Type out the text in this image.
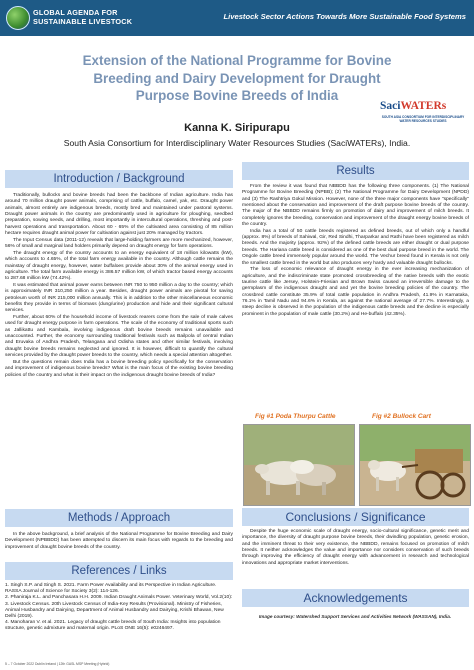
GLOBAL AGENDA FOR
SUSTAINABLE LIVESTOCK
Livestock Sector Actions Towards More Sustainable Food Systems
Extension of the National Programme for Bovine
Breeding and Dairy Development for Draught
Purpose Bovine Breeds of India
SaciWATERs
SOUTH ASIA CONSORTIUM FOR INTERDISCIPLINARY WATER RESOURCES STUDIES
Kanna K. Siripurapu
South Asia Consortium for Interdisciplinary Water Resources Studies (SaciWATERs), India.
Introduction / Background

Traditionally, bullocks and bovine breeds had been the backbone of Indian agriculture. India has around 70 million draught power animals, comprising of cattle, buffalo, camel, yak, etc. Draught power animals, almost entirely are indigenous breeds, mostly bred and maintained under pastoral systems. Draught power animals in the country are predominantly used in agriculture for ploughing, seedbed preparation, sowing seeds, and drilling, most importantly in intercultural operations, threshing and post-harvest operations and transportation. About 60 - 65% of the cultivated area consisting of 85 million hectare requires draught animal power for cultivation against just 20% managed by tractors.

The Input Census data (2011-12) reveals that large-holding farmers are more mechanized, however, 56% of small and marginal land holders primarily depend on draught energy for farm operations.

The draught energy of the country accounts to an energy equivalent of 18 million kilowatts (kW), which accounts to 4.65%, of the total farm energy available in the country. Although cattle remains the mainstay of draught energy, however, water buffaloes provide about 30% of the animal energy used in agriculture. The total farm available energy is 386.57 million kW, of which tractor based energy accounts to 287.68 million kW (74.42%).

It was estimated that animal power earns between INR 750 to 950 million a day to the country; which is approximately INR 310,250 million a year. Besides, draught power animals are pivotal for saving petroleum worth of INR 215,000 million annually. This is in addition to the other miscellaneous economic benefits they provide in terms of biomass (dung/urine) production and hide and their significant cultural services.

Further, about 60% of the household income of livestock rearers come from the sale of male calves used for draught energy purpose in farm operations. The scale of the economy of traditional sports such as Jallikattu and Kambala, involving indigenous draft bovine breeds remains unavailable and unaccounted. Further, the economy surrounding traditional festivals such as Bailpola of central Indian and Eruvaka of Andhra Pradesh, Telangana and Odisha states and other similar festivals, involving draught bovine breeds remains neglected and ignored. It is however, difficult to quantify the cultural services provided by the draught power breeds to the country, which needs a special attention altogether.

But the questions remain does India has a bovine breeding policy specifically for the conservation and improvement of indigenous bovine breeds? What is the main focus of the existing bovine breeding policies of the country and what is their impact on the indigenous draught bovine breeds of India?

Methods / Approach

In the above background, a brief analysis of the National Programme for Bovine Breeding and Dairy Development (NPBBDD) has been attempted to discern its main focus with regards to the breeding and improvement of draught bovine breeds of the country.

References / Links

1. Singh S.P. and Singh S. 2021. Farm Power Availability and its Perspective in Indian Agriculture. RASSA Journal of Science for Society 3(2): 114-126.

2. Phaniraja K.L. and Panchasara H.H. 2009. Indian Draught Animals Power. Veterinary World, Vol.2(10):

3. Livestock Census. 20th Livestock Census of India-Key Results (Provisional). Ministry of Fisheries, Animal Husbandry and Dairying, Department of Animal Husbandry and Dairying, Krishi Bhawan, New Delhi (2019).

4. Manoharan V. et al. 2021. Legacy of draught cattle breeds of South India: Insights into population structure, genetic admixture and maternal origin. PLoS ONE 16(5): e0246497.

Results

From the review it was found that NBBDD has the following three components. (1) The National Programme for Bovine Breeding (NPBB); (2) The National Programme for Dairy Development (NPDD) and (3) The Rashtriya Gokul Mission. However, none of the three major components have "specifically" mentioned about the conservation and improvement of the draft purpose bovine breeds of the country. The major of the NBBDD remains firmly on promotion of dairy and improvement of milch breeds. It completely ignores the breeding, conservation and improvement of the draught energy bovine breeds of the country.

India has a total of 50 cattle breeds registered as defined breeds, out of which only a handful (approx. 8%) of breeds of Sahiwal, Gir, Red Sindhi, Tharparkar and Rathi have been registered as milch breeds. And the majority (approx. 92%) of the defined cattle breeds are either draught or dual purpose breeds. The Hariana cattle breed is considered as one of the best dual purpose breed in the world. The Ongole cattle breed immensely popular around the world. The Vechur breed found in Kerala is not only the smallest cattle breed in the world but also produces very hardy and valuable draught bullocks.

The loss of economic relevance of draught energy in the ever increasing mechanization of agriculture, and the indiscriminate state promoted crossbreeding of the native breeds with the exotic taurine cattle like Jersey, Holstein-Friesian and Brown Swiss caused an irreversible damage to the germplasm of the indigenous draught and and yet the bovine breeding policies of the country. The crossbred cattle constitute 35.9% of total cattle population in Andhra Pradesh, 41.9% in Karnataka, 76.1% in Tamil Nadu and 94.6% in Kerala, as against the national average of 27.7%. Interestingly, a steep decline is observed in the population of the indigenous cattle breeds and the decline is especially prominent in the population of male cattle (30.2%) and He-buffalo (42.35%).

Fig #1 Poda Thurpu Cattle	Fig #2 Bullock Cart
Conclusions / Significance

Despite the huge economic scale of draught energy, socio-cultural significance, genetic merit and importance, the diversity of draught purpose bovine breeds, their dwindling population, genetic erosion, and the imminent threat to their very existence, the NBBDD, remains focused on promotion of milch breeds. It neither acknowledges the value and importance nor considers conservation of such breeds through improving the efficiency of draught energy with advancement in research and technological innovations and appropriate market interventions.

Acknowledgements
Image courtesy: Watershed Support Services and Activities Network (WASSAN), India.
5 – 7 October 2022 Dublin Ireland | 12th GASL MSP Meeting (Hybrid)
